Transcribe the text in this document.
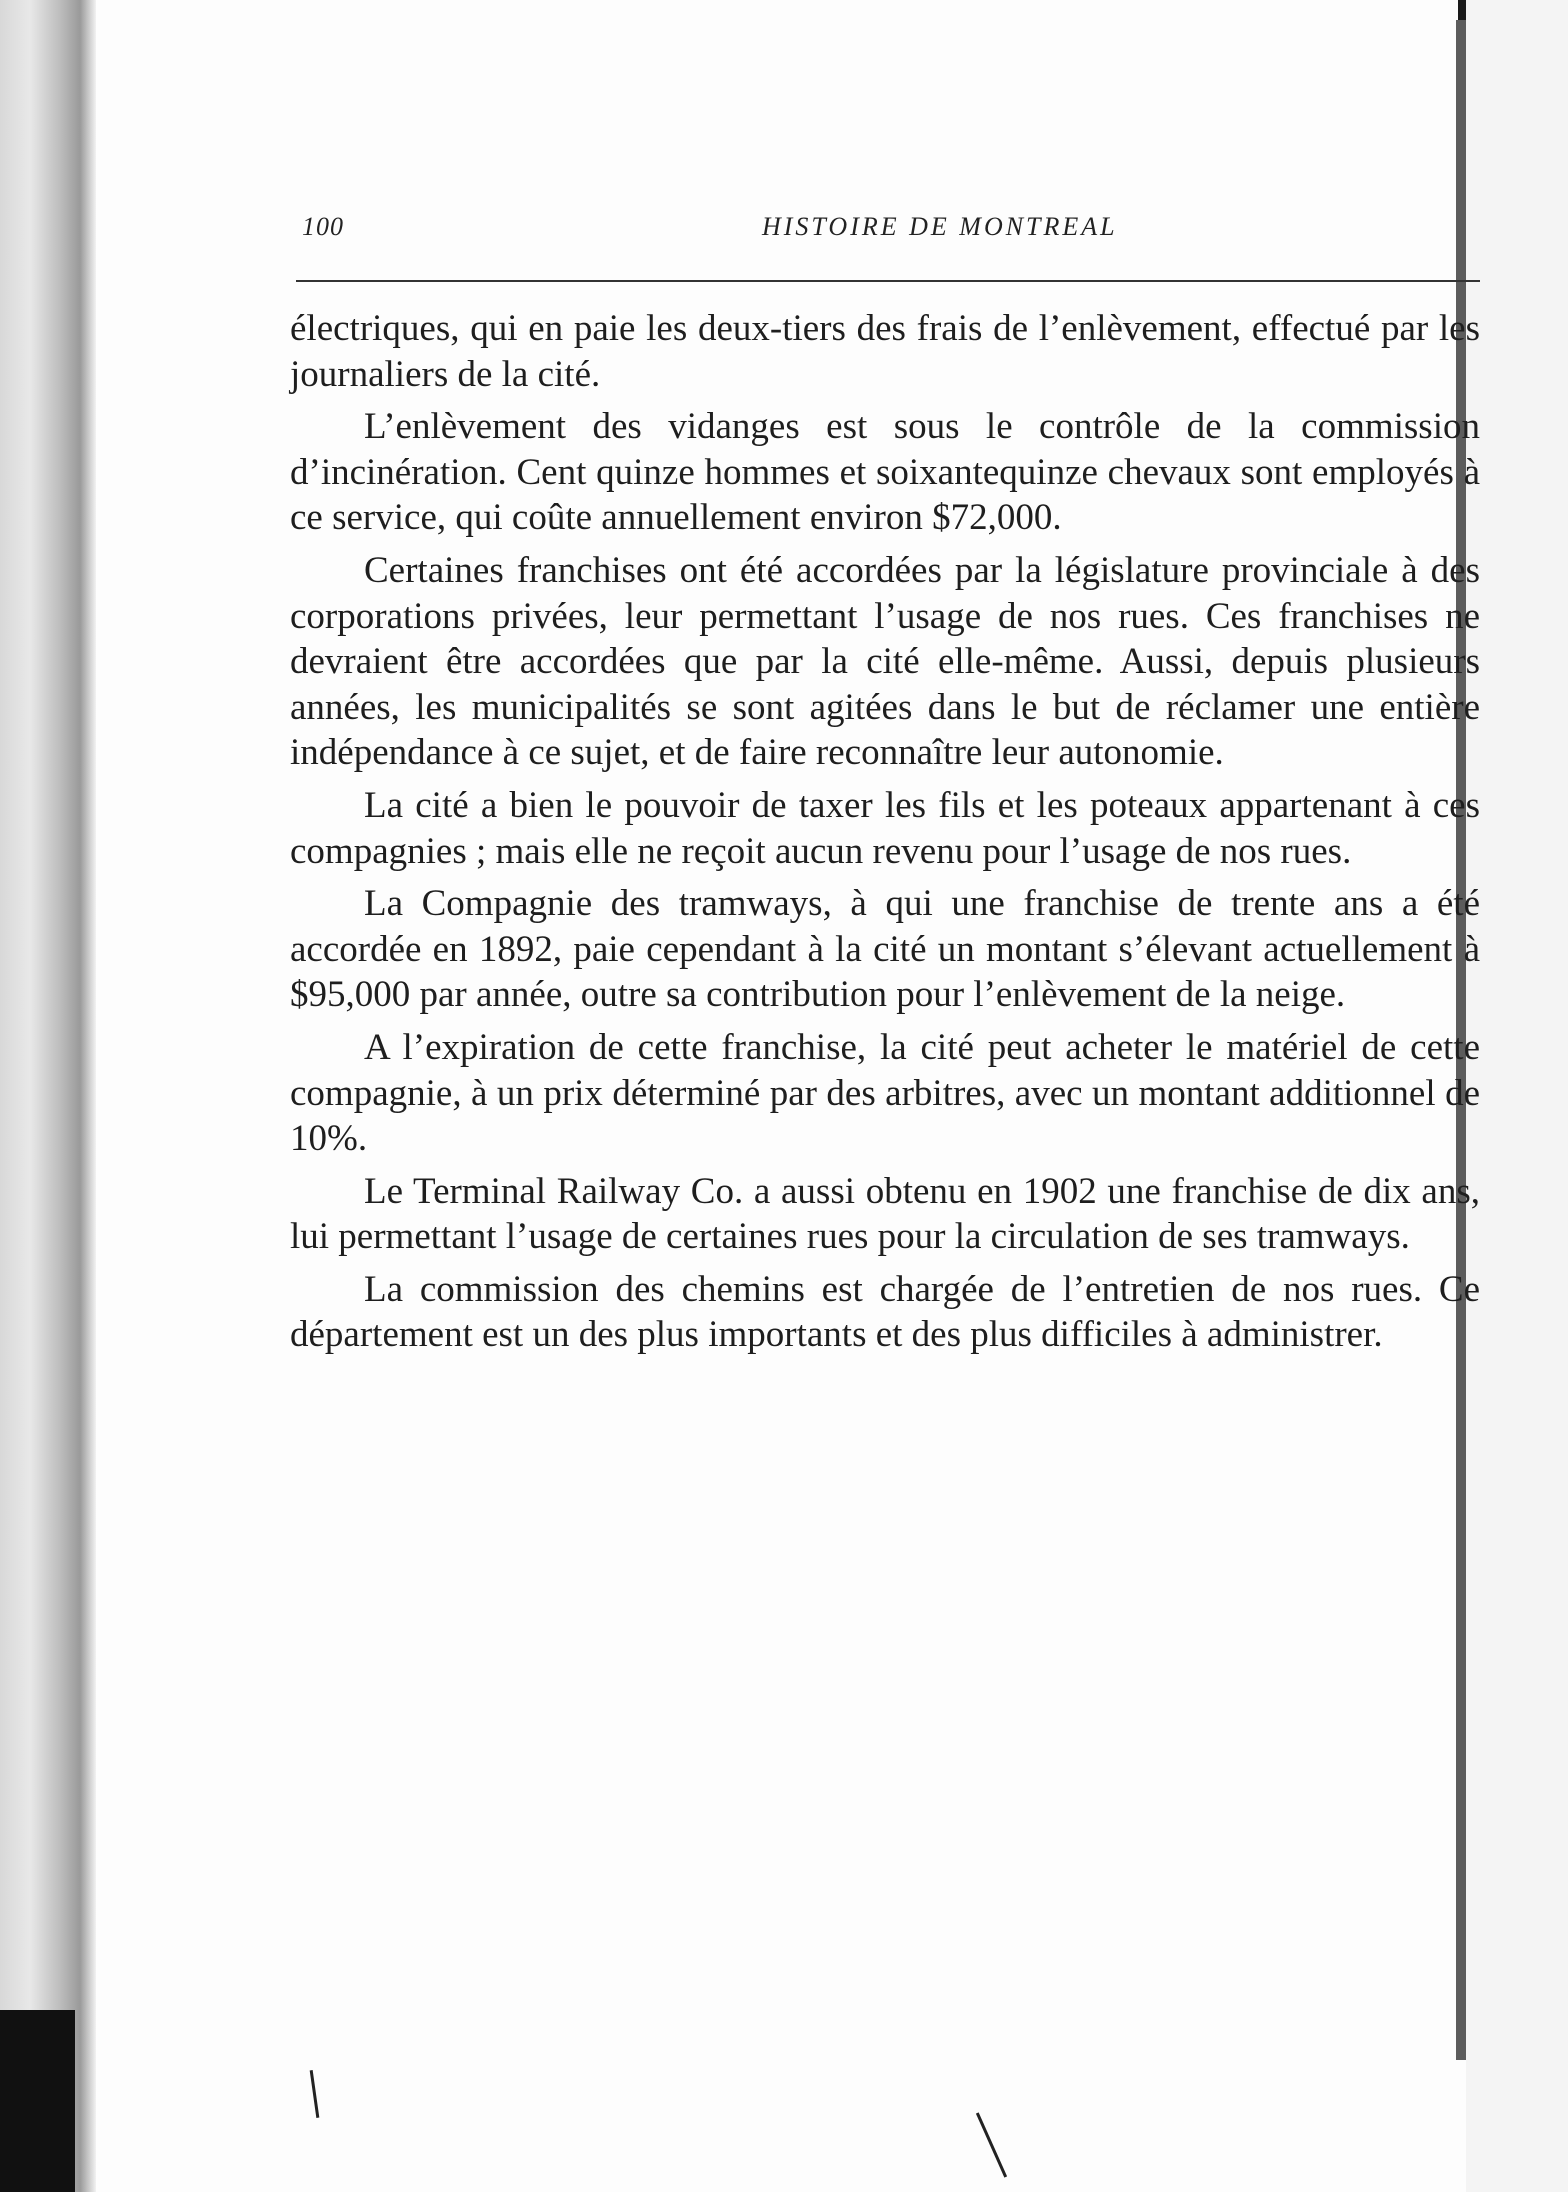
100	HISTOIRE DE MONTREAL

électriques, qui en paie les deux-tiers des frais de l’enlèvement, effectué par les journaliers de la cité.

L’enlèvement des vidanges est sous le contrôle de la commission d’incinération. Cent quinze hommes et soixantequinze chevaux sont employés à ce service, qui coûte annuellement environ $72,000.

Certaines franchises ont été accordées par la législature provinciale à des corporations privées, leur permettant l’usage de nos rues. Ces franchises ne devraient être accordées que par la cité elle-même. Aussi, depuis plusieurs années, les municipalités se sont agitées dans le but de réclamer une entière indépendance à ce sujet, et de faire reconnaître leur autonomie.

La cité a bien le pouvoir de taxer les fils et les poteaux appartenant à ces compagnies ; mais elle ne reçoit aucun revenu pour l’usage de nos rues.

La Compagnie des tramways, à qui une franchise de trente ans a été accordée en 1892, paie cependant à la cité un montant s’élevant actuellement à $95,000 par année, outre sa contribution pour l’enlèvement de la neige.

A l’expiration de cette franchise, la cité peut acheter le matériel de cette compagnie, à un prix déterminé par des arbitres, avec un montant additionnel de 10%.

Le Terminal Railway Co. a aussi obtenu en 1902 une franchise de dix ans, lui permettant l’usage de certaines rues pour la circulation de ses tramways.

La commission des chemins est chargée de l’entretien de nos rues. Ce département est un des plus importants et des plus difficiles à administrer.
